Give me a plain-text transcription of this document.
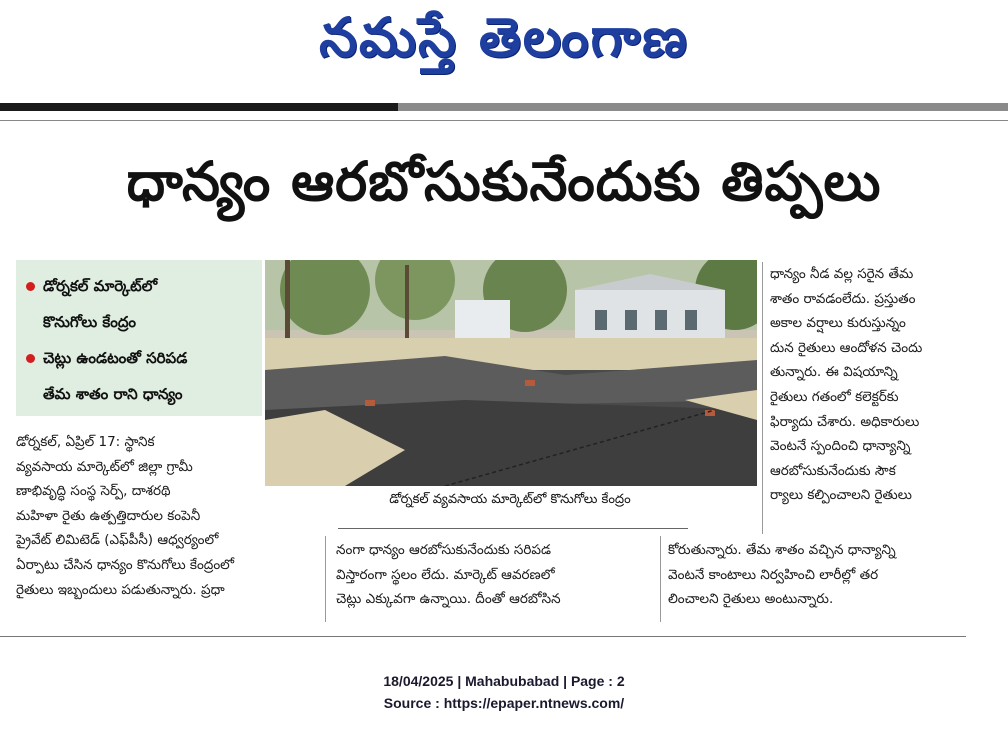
నమస్తే తెలంగాణ
ధాన్యం ఆరబోసుకునేందుకు తిప్పలు
డోర్నకల్ మార్కెట్‌లో
కొనుగోలు కేంద్రం
చెట్లు ఉండటంతో సరిపడ
తేమ శాతం రాని ధాన్యం
డోర్నకల్ వ్యవసాయ మార్కెట్‌లో కొనుగోలు కేంద్రం
డోర్నకల్, ఏప్రిల్ 17: స్థానిక
వ్యవసాయ మార్కెట్‌లో జిల్లా గ్రామీ
ణాభివృద్ధి సంస్థ సెర్ప్, దాశరథి
మహిళా రైతు ఉత్పత్తిదారుల కంపెనీ
ప్రైవేట్ లిమిటెడ్ (ఎఫ్‌పీసీ) ఆధ్వర్యంలో
ఏర్పాటు చేసిన ధాన్యం కొనుగోలు కేంద్రంలో
రైతులు ఇబ్బందులు పడుతున్నారు. ప్రధా
నంగా ధాన్యం ఆరబోసుకునేందుకు సరిపడ
విస్తారంగా స్థలం లేదు. మార్కెట్ ఆవరణలో
చెట్లు ఎక్కువగా ఉన్నాయి. దీంతో ఆరబోసిన
కోరుతున్నారు. తేమ శాతం వచ్చిన ధాన్యాన్ని
వెంటనే కాంటాలు నిర్వహించి లారీల్లో తర
లించాలని రైతులు అంటున్నారు.
ధాన్యం నీడ వల్ల సరైన తేమ
శాతం రావడంలేదు. ప్రస్తుతం
అకాల వర్షాలు కురుస్తున్నం
దున రైతులు ఆందోళన చెందు
తున్నారు. ఈ విషయాన్ని
రైతులు గతంలో కలెక్టర్‌కు
ఫిర్యాదు చేశారు. అధికారులు
వెంటనే స్పందించి ధాన్యాన్ని
ఆరబోసుకునేందుకు సౌక
ర్యాలు కల్పించాలని రైతులు
18/04/2025 | Mahabubabad | Page : 2
Source : https://epaper.ntnews.com/
